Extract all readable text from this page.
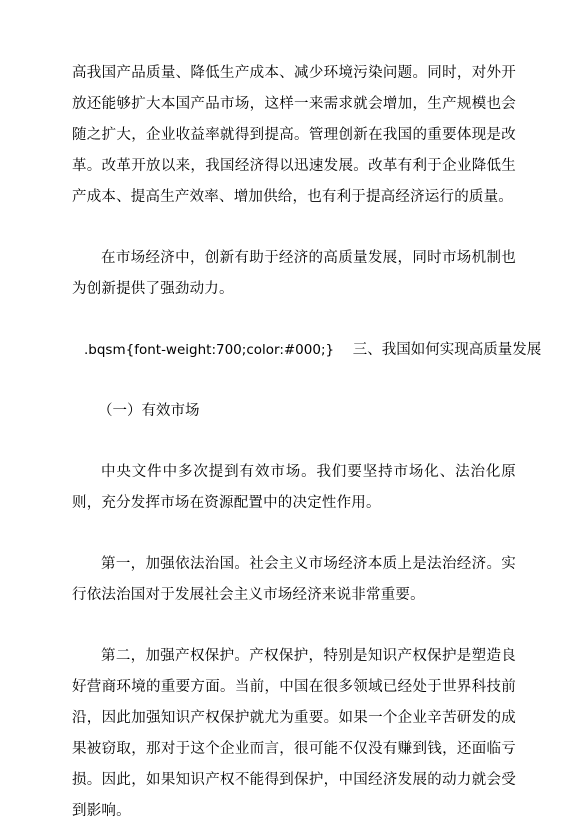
高我国产品质量、降低生产成本、减少环境污染问题。同时，对外开放还能够扩大本国产品市场，这样一来需求就会增加，生产规模也会随之扩大，企业收益率就得到提高。管理创新在我国的重要体现是改革。改革开放以来，我国经济得以迅速发展。改革有利于企业降低生产成本、提高生产效率、增加供给，也有利于提高经济运行的质量。

在市场经济中，创新有助于经济的高质量发展，同时市场机制也为创新提供了强劲动力。

.bqsm{font-weight:700;color:#000;} 三、我国如何实现高质量发展
（一）有效市场

中央文件中多次提到有效市场。我们要坚持市场化、法治化原则，充分发挥市场在资源配置中的决定性作用。

第一，加强依法治国。社会主义市场经济本质上是法治经济。实行依法治国对于发展社会主义市场经济来说非常重要。

第二，加强产权保护。产权保护，特别是知识产权保护是塑造良好营商环境的重要方面。当前，中国在很多领域已经处于世界科技前沿，因此加强知识产权保护就尤为重要。如果一个企业辛苦研发的成果被窃取，那对于这个企业而言，很可能不仅没有赚到钱，还面临亏损。因此，如果知识产权不能得到保护，中国经济发展的动力就会受到影响。
